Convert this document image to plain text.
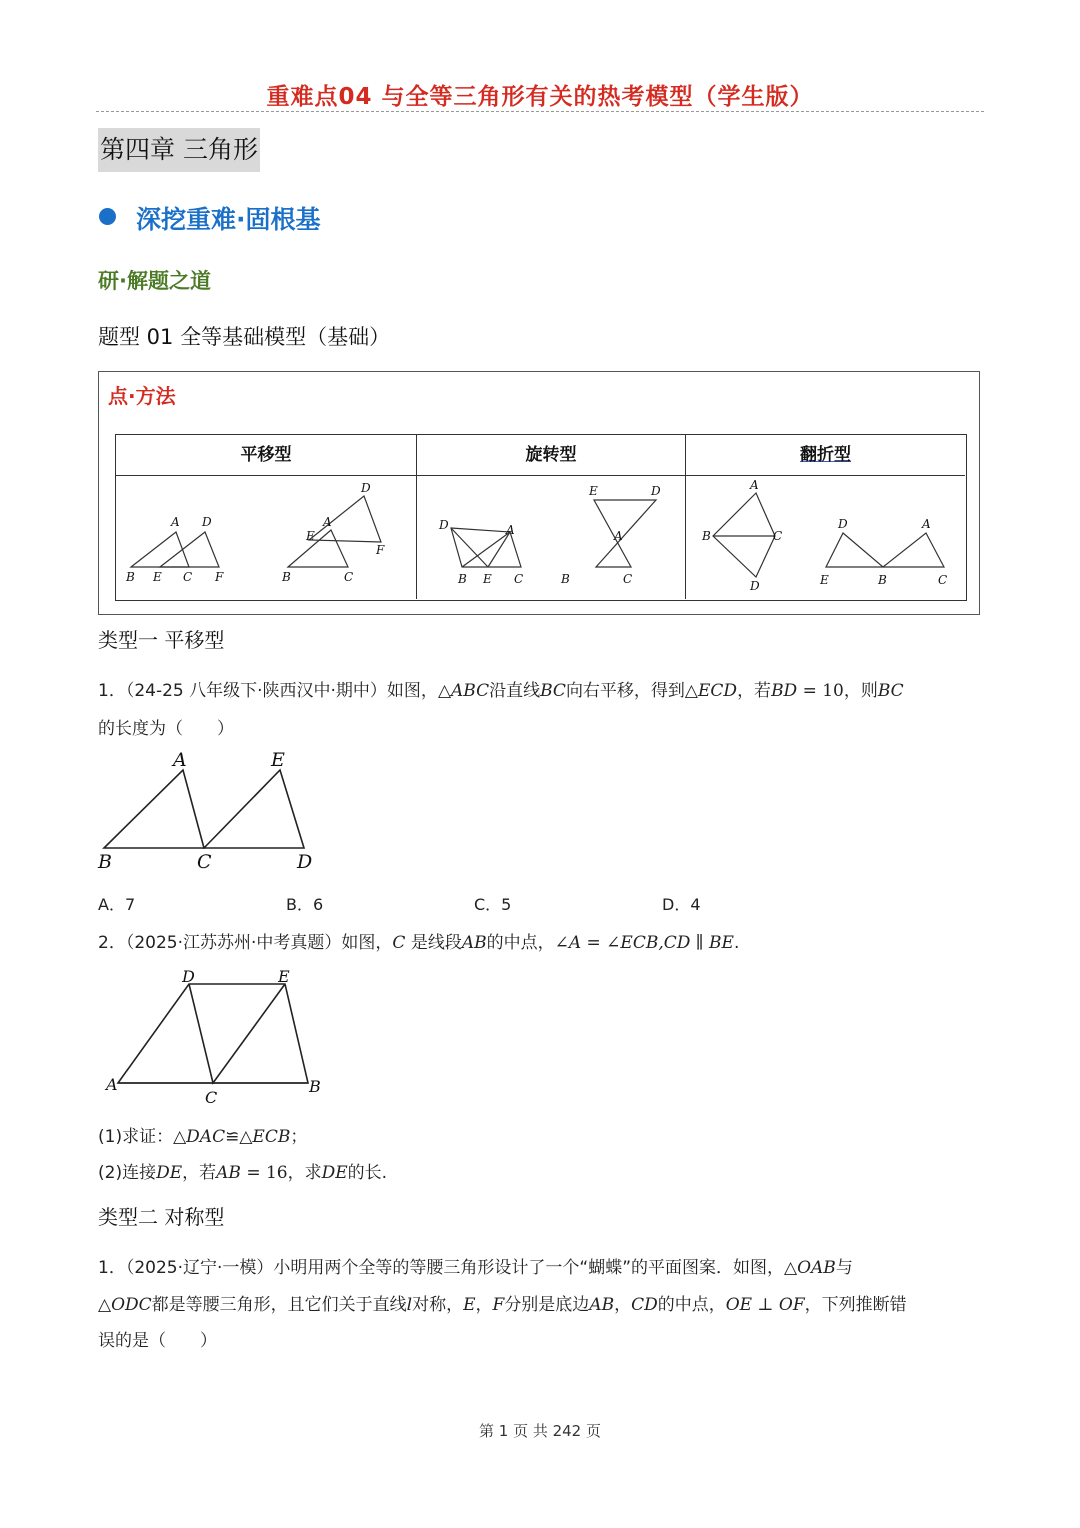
重难点04 与全等三角形有关的热考模型（学生版）
第四章 三角形
深挖重难·固根基
研·解题之道
题型 01 全等基础模型（基础）
点·方法
平移型	旋转型	翻折型
A D
B E C F
D
A
E
F
B	C
D	A
B E C
E	D
A
B	C
A
B	C
D
D	A
E	B	C
类型一 平移型
1．（24-25 八年级下·陕西汉中·期中）如图，△ABC沿直线BC向右平移，得到△ECD，若BD = 10，则BC
的长度为（　　）
A	E
B	C	D
A．7	B．6	C．5	D．4
2．（2025·江苏苏州·中考真题）如图，C 是线段AB的中点，∠A = ∠ECB,CD ∥ BE.
D	E
A
C
B
(1)求证：△DAC≌△ECB；
(2)连接DE，若AB = 16，求DE的长.
类型二 对称型
1．（2025·辽宁·一模）小明用两个全等的等腰三角形设计了一个“蝴蝶”的平面图案．如图，△OAB与
△ODC都是等腰三角形，且它们关于直线l对称，E，F分别是底边AB，CD的中点，OE ⊥ OF，下列推断错
误的是（　　）
第 1 页 共 242 页
